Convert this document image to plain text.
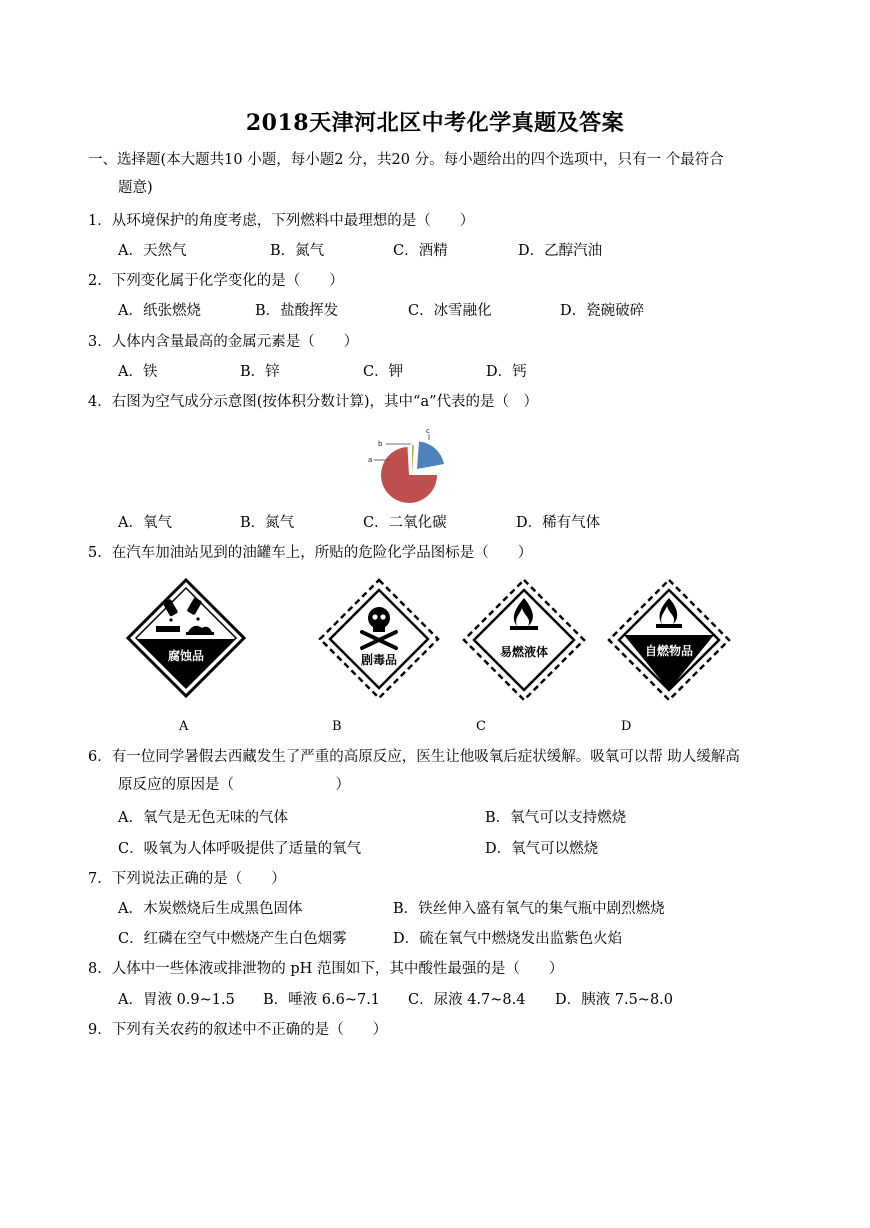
2018天津河北区中考化学真题及答案
一、选择题(本大题共10 小题，每小题2 分，共20 分。每小题给出的四个选项中，只有一 个最符合
题意)
1．从环境保护的角度考虑，下列燃料中最理想的是（　　）
A．天然气	B．氮气	C．酒精	D．乙醇汽油
2．下列变化属于化学变化的是（　　）
A．纸张燃烧	B．盐酸挥发	C．冰雪融化	D．瓷碗破碎
3．人体内含量最高的金属元素是（　　）
A．铁	B．锌	C．钾	D．钙
4．右图为空气成分示意图(按体积分数计算)，其中“a”代表的是（　）
b
a
c
A．氧气	B．氮气	C．二氧化碳	D．稀有气体
5．在汽车加油站见到的油罐车上，所贴的危险化学品图标是（　　）
腐蚀品	剧毒品
易燃液体	自燃物品
A	B	C	D
6．有一位同学暑假去西藏发生了严重的高原反应，医生让他吸氧后症状缓解。吸氧可以帮 助人缓解高
原反应的原因是（　　　　　　　）
A．氧气是无色无味的气体	B．氧气可以支持燃烧
C．吸氧为人体呼吸提供了适量的氧气	D．氧气可以燃烧
7．下列说法正确的是（　　）
A．木炭燃烧后生成黑色固体	B．铁丝伸入盛有氧气的集气瓶中剧烈燃烧
C．红磷在空气中燃烧产生白色烟雾	D．硫在氧气中燃烧发出监紫色火焰
8．人体中一些体液或排泄物的 pH 范围如下，其中酸性最强的是（　　）
A．胃液 0.9~1.5 B．唾液 6.6~7.1 C．尿液 4.7~8.4 D．胰液 7.5~8.0
9．下列有关农药的叙述中不正确的是（　　）
